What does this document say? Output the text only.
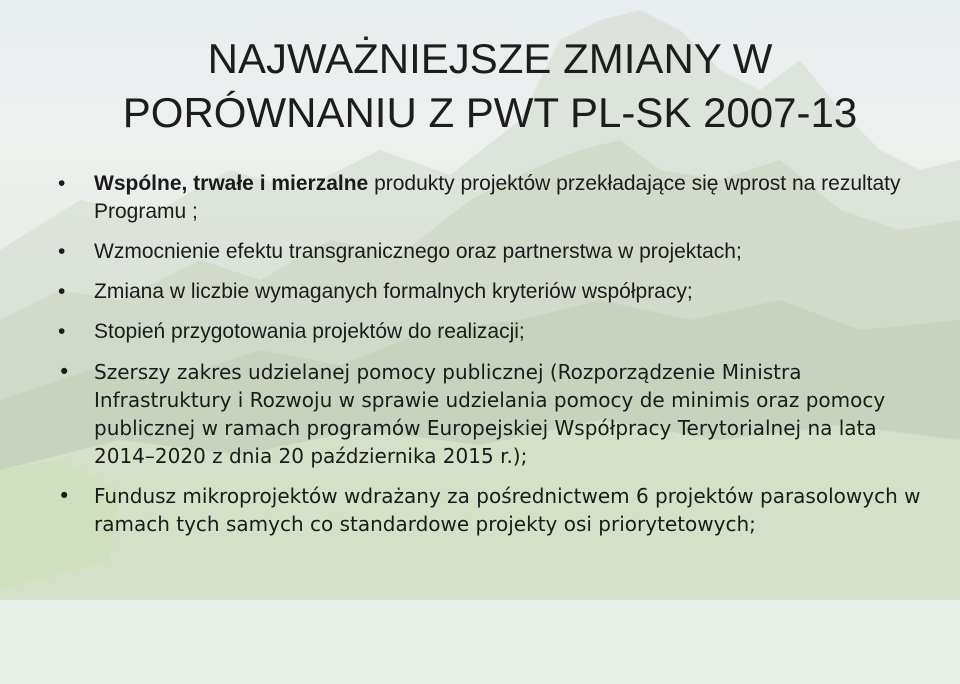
NAJWAŻNIEJSZE ZMIANY W
PORÓWNANIU Z PWT PL-SK 2007-13
• Wspólne, trwałe i mierzalne produkty projektów przekładające się wprost na rezultaty Programu ;
• Wzmocnienie efektu transgranicznego oraz partnerstwa w projektach;
• Zmiana w liczbie wymaganych formalnych kryteriów współpracy;
• Stopień przygotowania projektów do realizacji;
• Szerszy zakres udzielanej pomocy publicznej (Rozporządzenie Ministra Infrastruktury i Rozwoju w sprawie udzielania pomocy de minimis oraz pomocy publicznej w ramach programów Europejskiej Współpracy Terytorialnej na lata 2014–2020 z dnia 20 października 2015 r.);
• Fundusz mikroprojektów wdrażany za pośrednictwem 6 projektów parasolowych w ramach tych samych co standardowe projekty osi priorytetowych;
